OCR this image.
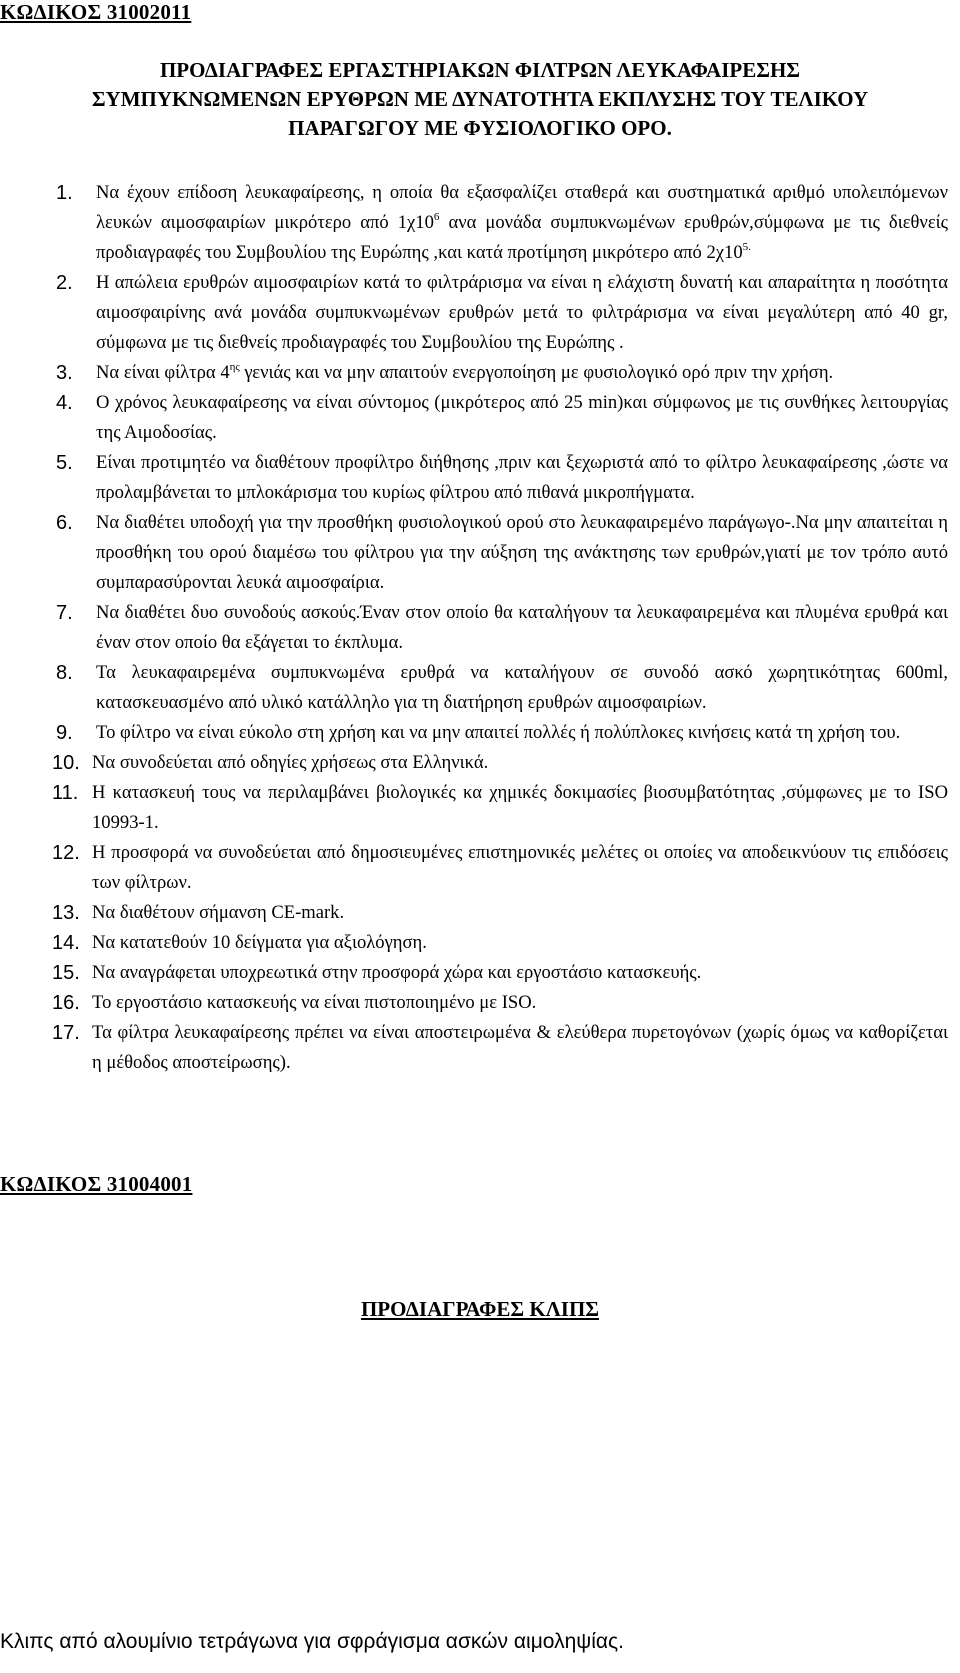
ΚΩΔΙΚΟΣ 31002011
ΠΡΟΔΙΑΓΡΑΦΕΣ ΕΡΓΑΣΤΗΡΙΑΚΩΝ ΦΙΛΤΡΩΝ ΛΕΥΚΑΦΑΙΡΕΣΗΣ
ΣΥΜΠΥΚΝΩΜΕΝΩΝ ΕΡΥΘΡΩΝ ΜΕ ΔΥΝΑΤΟΤΗΤΑ ΕΚΠΛΥΣΗΣ ΤΟΥ ΤΕΛΙΚΟΥ
ΠΑΡΑΓΩΓΟΥ ΜΕ ΦΥΣΙΟΛΟΓΙΚΟ ΟΡΟ.
1. Να έχουν επίδοση λευκαφαίρεσης, η οποία θα εξασφαλίζει σταθερά και συστηματικά αριθμό υπολειπόμενων λευκών αιμοσφαιρίων μικρότερο από $1\chi 10^6$ ανα μονάδα συμπυκνωμένων ερυθρών,σύμφωνα με τις διεθνείς προδιαγραφές του Συμβουλίου της Ευρώπης ,και κατά προτίμηση μικρότερο από $2\chi 10^{5.}$
2. Η απώλεια ερυθρών αιμοσφαιρίων κατά το φιλτράρισμα να είναι η ελάχιστη δυνατή και απαραίτητα η ποσότητα αιμοσφαιρίνης ανά μονάδα συμπυκνωμένων ερυθρών μετά το φιλτράρισμα να είναι μεγαλύτερη από 40 gr, σύμφωνα με τις διεθνείς προδιαγραφές του Συμβουλίου της Ευρώπης .
3. Να είναι φίλτρα $4^{\eta\varsigma}$ γενιάς και να μην απαιτούν ενεργοποίηση με φυσιολογικό ορό πριν την χρήση.
4. Ο χρόνος λευκαφαίρεσης να είναι σύντομος (μικρότερος από 25 min)και σύμφωνος με τις συνθήκες λειτουργίας της Αιμοδοσίας.
5. Είναι προτιμητέο να διαθέτουν προφίλτρο διήθησης ,πριν και ξεχωριστά από το φίλτρο λευκαφαίρεσης ,ώστε να προλαμβάνεται το μπλοκάρισμα του κυρίως φίλτρου από πιθανά μικροπήγματα.
6. Να διαθέτει υποδοχή για την προσθήκη φυσιολογικού ορού στο λευκαφαιρεμένο παράγωγο-.Να μην απαιτείται η προσθήκη του ορού διαμέσω του φίλτρου για την αύξηση της ανάκτησης των ερυθρών,γιατί με τον τρόπο αυτό συμπαρασύρονται λευκά αιμοσφαίρια.
7. Να διαθέτει δυο συνοδούς ασκούς.Έναν στον οποίο θα καταλήγουν τα λευκαφαιρεμένα και πλυμένα ερυθρά και έναν στον οποίο θα εξάγεται το έκπλυμα.
8. Τα λευκαφαιρεμένα συμπυκνωμένα ερυθρά να καταλήγουν σε συνοδό ασκό χωρητικότητας 600ml, κατασκευασμένο από υλικό κατάλληλο για τη διατήρηση ερυθρών αιμοσφαιρίων.
9. Το φίλτρο να είναι εύκολο στη χρήση και να μην απαιτεί πολλές ή πολύπλοκες κινήσεις κατά τη χρήση του.
10. Να συνοδεύεται από οδηγίες χρήσεως στα Ελληνικά.
11. Η κατασκευή τους να περιλαμβάνει βιολογικές κα χημικές δοκιμασίες βιοσυμβατότητας ,σύμφωνες με το ISO 10993-1.
12. Η προσφορά να συνοδεύεται από δημοσιευμένες επιστημονικές μελέτες οι οποίες να αποδεικνύουν τις επιδόσεις των φίλτρων.
13. Να διαθέτουν σήμανση CE-mark.
14. Να κατατεθούν 10 δείγματα για αξιολόγηση.
15. Να αναγράφεται υποχρεωτικά στην προσφορά χώρα και εργοστάσιο κατασκευής.
16. Το εργοστάσιο κατασκευής να είναι πιστοποιημένο με ISO.
17. Τα φίλτρα λευκαφαίρεσης πρέπει να είναι αποστειρωμένα & ελεύθερα πυρετογόνων (χωρίς όμως να καθορίζεται η μέθοδος αποστείρωσης).
ΚΩΔΙΚΟΣ 31004001
ΠΡΟΔΙΑΓΡΑΦΕΣ ΚΛΙΠΣ
Κλιπς από αλουμίνιο τετράγωνα για σφράγισμα ασκών αιμοληψίας.
